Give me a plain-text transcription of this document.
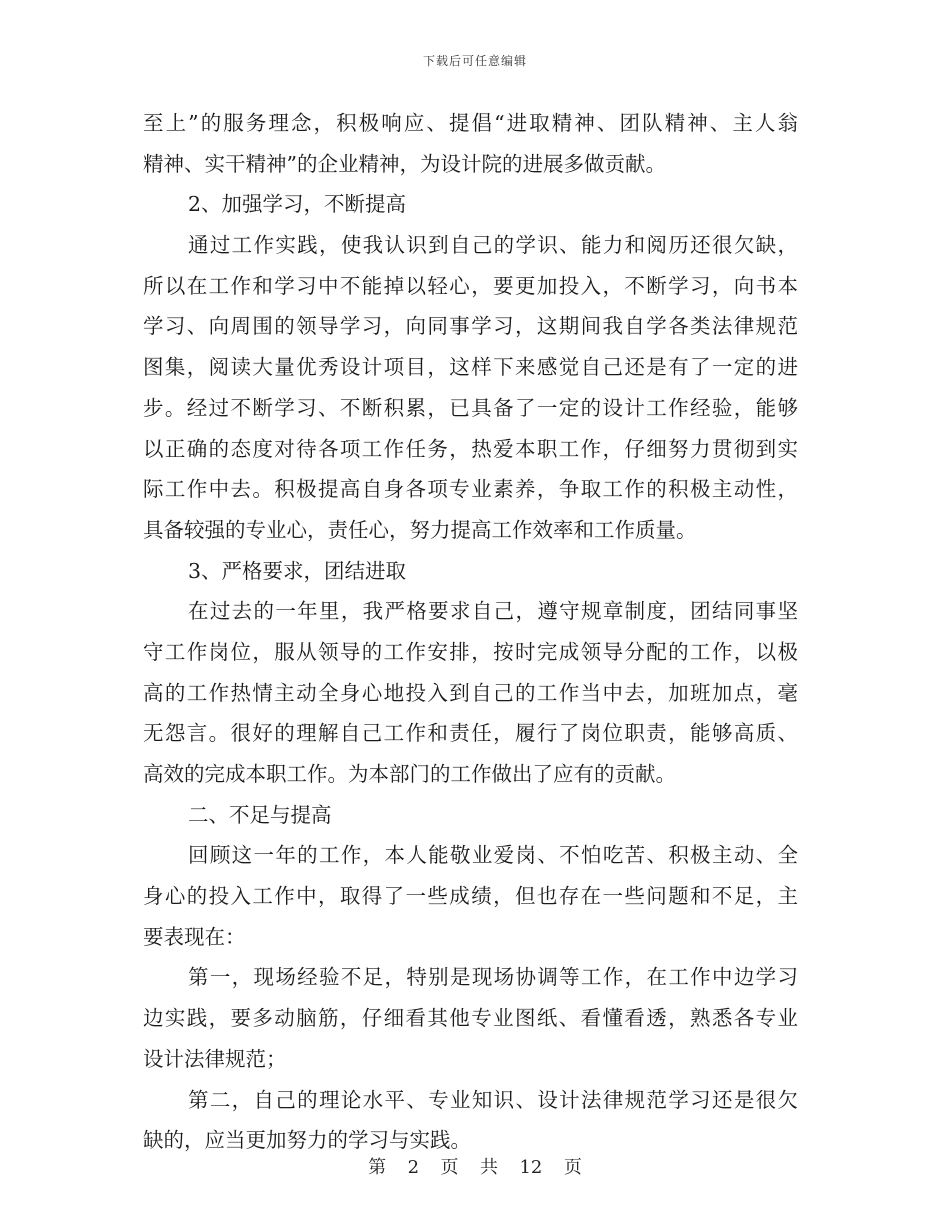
下载后可任意编辑
至上”的服务理念，积极响应、提倡“进取精神、团队精神、主人翁
精神、实干精神”的企业精神，为设计院的进展多做贡献。
2、加强学习，不断提高
通过工作实践，使我认识到自己的学识、能力和阅历还很欠缺，
所以在工作和学习中不能掉以轻心，要更加投入，不断学习，向书本
学习、向周围的领导学习，向同事学习，这期间我自学各类法律规范
图集，阅读大量优秀设计项目，这样下来感觉自己还是有了一定的进
步。经过不断学习、不断积累，已具备了一定的设计工作经验，能够
以正确的态度对待各项工作任务，热爱本职工作，仔细努力贯彻到实
际工作中去。积极提高自身各项专业素养，争取工作的积极主动性，
具备较强的专业心，责任心，努力提高工作效率和工作质量。
3、严格要求，团结进取
在过去的一年里，我严格要求自己，遵守规章制度，团结同事坚
守工作岗位，服从领导的工作安排，按时完成领导分配的工作，以极
高的工作热情主动全身心地投入到自己的工作当中去，加班加点，毫
无怨言。很好的理解自己工作和责任，履行了岗位职责，能够高质、
高效的完成本职工作。为本部门的工作做出了应有的贡献。
二、不足与提高
回顾这一年的工作，本人能敬业爱岗、不怕吃苦、积极主动、全
身心的投入工作中，取得了一些成绩，但也存在一些问题和不足，主
要表现在：
第一，现场经验不足，特别是现场协调等工作，在工作中边学习
边实践，要多动脑筋，仔细看其他专业图纸、看懂看透，熟悉各专业
设计法律规范；
第二，自己的理论水平、专业知识、设计法律规范学习还是很欠
缺的，应当更加努力的学习与实践。
第 2 页 共 12 页
